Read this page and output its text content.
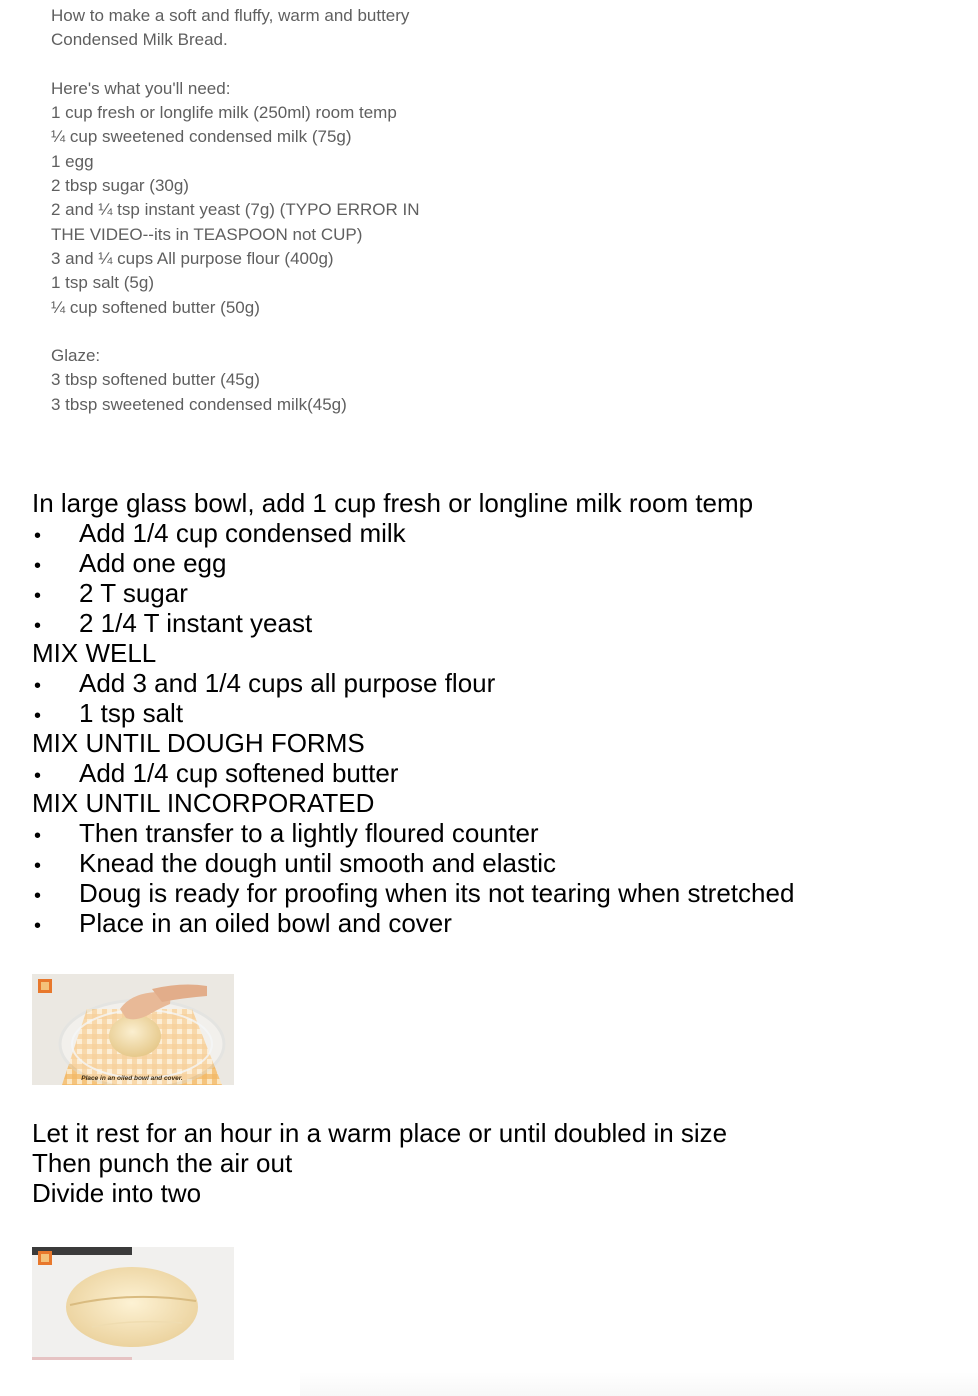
How to make a soft and fluffy, warm and buttery
Condensed Milk Bread.
Here's what you'll need:
1 cup fresh or longlife milk (250ml) room temp
¼ cup sweetened condensed milk (75g)
1 egg
2 tbsp sugar (30g)
2 and ¼ tsp instant yeast (7g) (TYPO ERROR IN
THE VIDEO--its in TEASPOON not CUP)
3 and ¼ cups All purpose flour (400g)
1 tsp salt (5g)
¼ cup softened butter (50g)
Glaze:
3 tbsp softened butter (45g)
3 tbsp sweetened condensed milk(45g)
In large glass bowl, add 1 cup fresh or longline milk room temp
•	Add 1/4 cup condensed milk
•	Add one egg
•	2 T sugar
•	2 1/4 T instant yeast
MIX WELL
•	Add 3 and 1/4 cups all purpose flour
•	1 tsp salt
MIX UNTIL DOUGH FORMS
•	Add 1/4 cup softened butter
MIX UNTIL INCORPORATED
•	Then transfer to a lightly floured counter
•	Knead the dough until smooth and elastic
•	Doug is ready for proofing when its not tearing when stretched
•	Place in an oiled bowl and cover
Place in an oiled bowl and cover.
Let it rest for an hour in a warm place or until doubled in size
Then punch the air out
Divide into two
